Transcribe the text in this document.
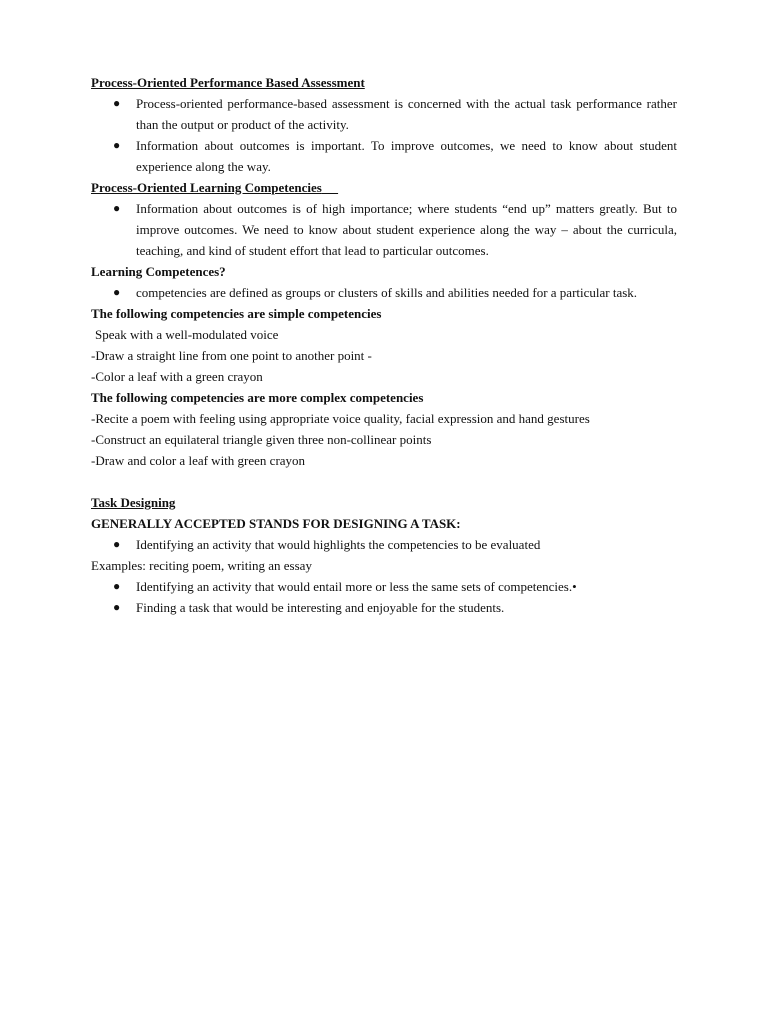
Process-Oriented Performance Based Assessment
● Process-oriented performance-based assessment is concerned with the actual task performance rather than the output or product of the activity.
● Information about outcomes is important. To improve outcomes, we need to know about student experience along the way.
Process-Oriented Learning Competencies
● Information about outcomes is of high importance; where students “end up” matters greatly. But to improve outcomes. We need to know about student experience along the way – about the curricula, teaching, and kind of student effort that lead to particular outcomes.
Learning Competences?
● competencies are defined as groups or clusters of skills and abilities needed for a particular task.
The following competencies are simple competencies
Speak with a well-modulated voice
-Draw a straight line from one point to another point -
-Color a leaf with a green crayon
The following competencies are more complex competencies
-Recite a poem with feeling using appropriate voice quality, facial expression and hand gestures
-Construct an equilateral triangle given three non-collinear points
-Draw and color a leaf with green crayon
Task Designing
GENERALLY ACCEPTED STANDS FOR DESIGNING A TASK:
● Identifying an activity that would highlights the competencies to be evaluated
Examples: reciting poem, writing an essay
● Identifying an activity that would entail more or less the same sets of competencies.•
● Finding a task that would be interesting and enjoyable for the students.
